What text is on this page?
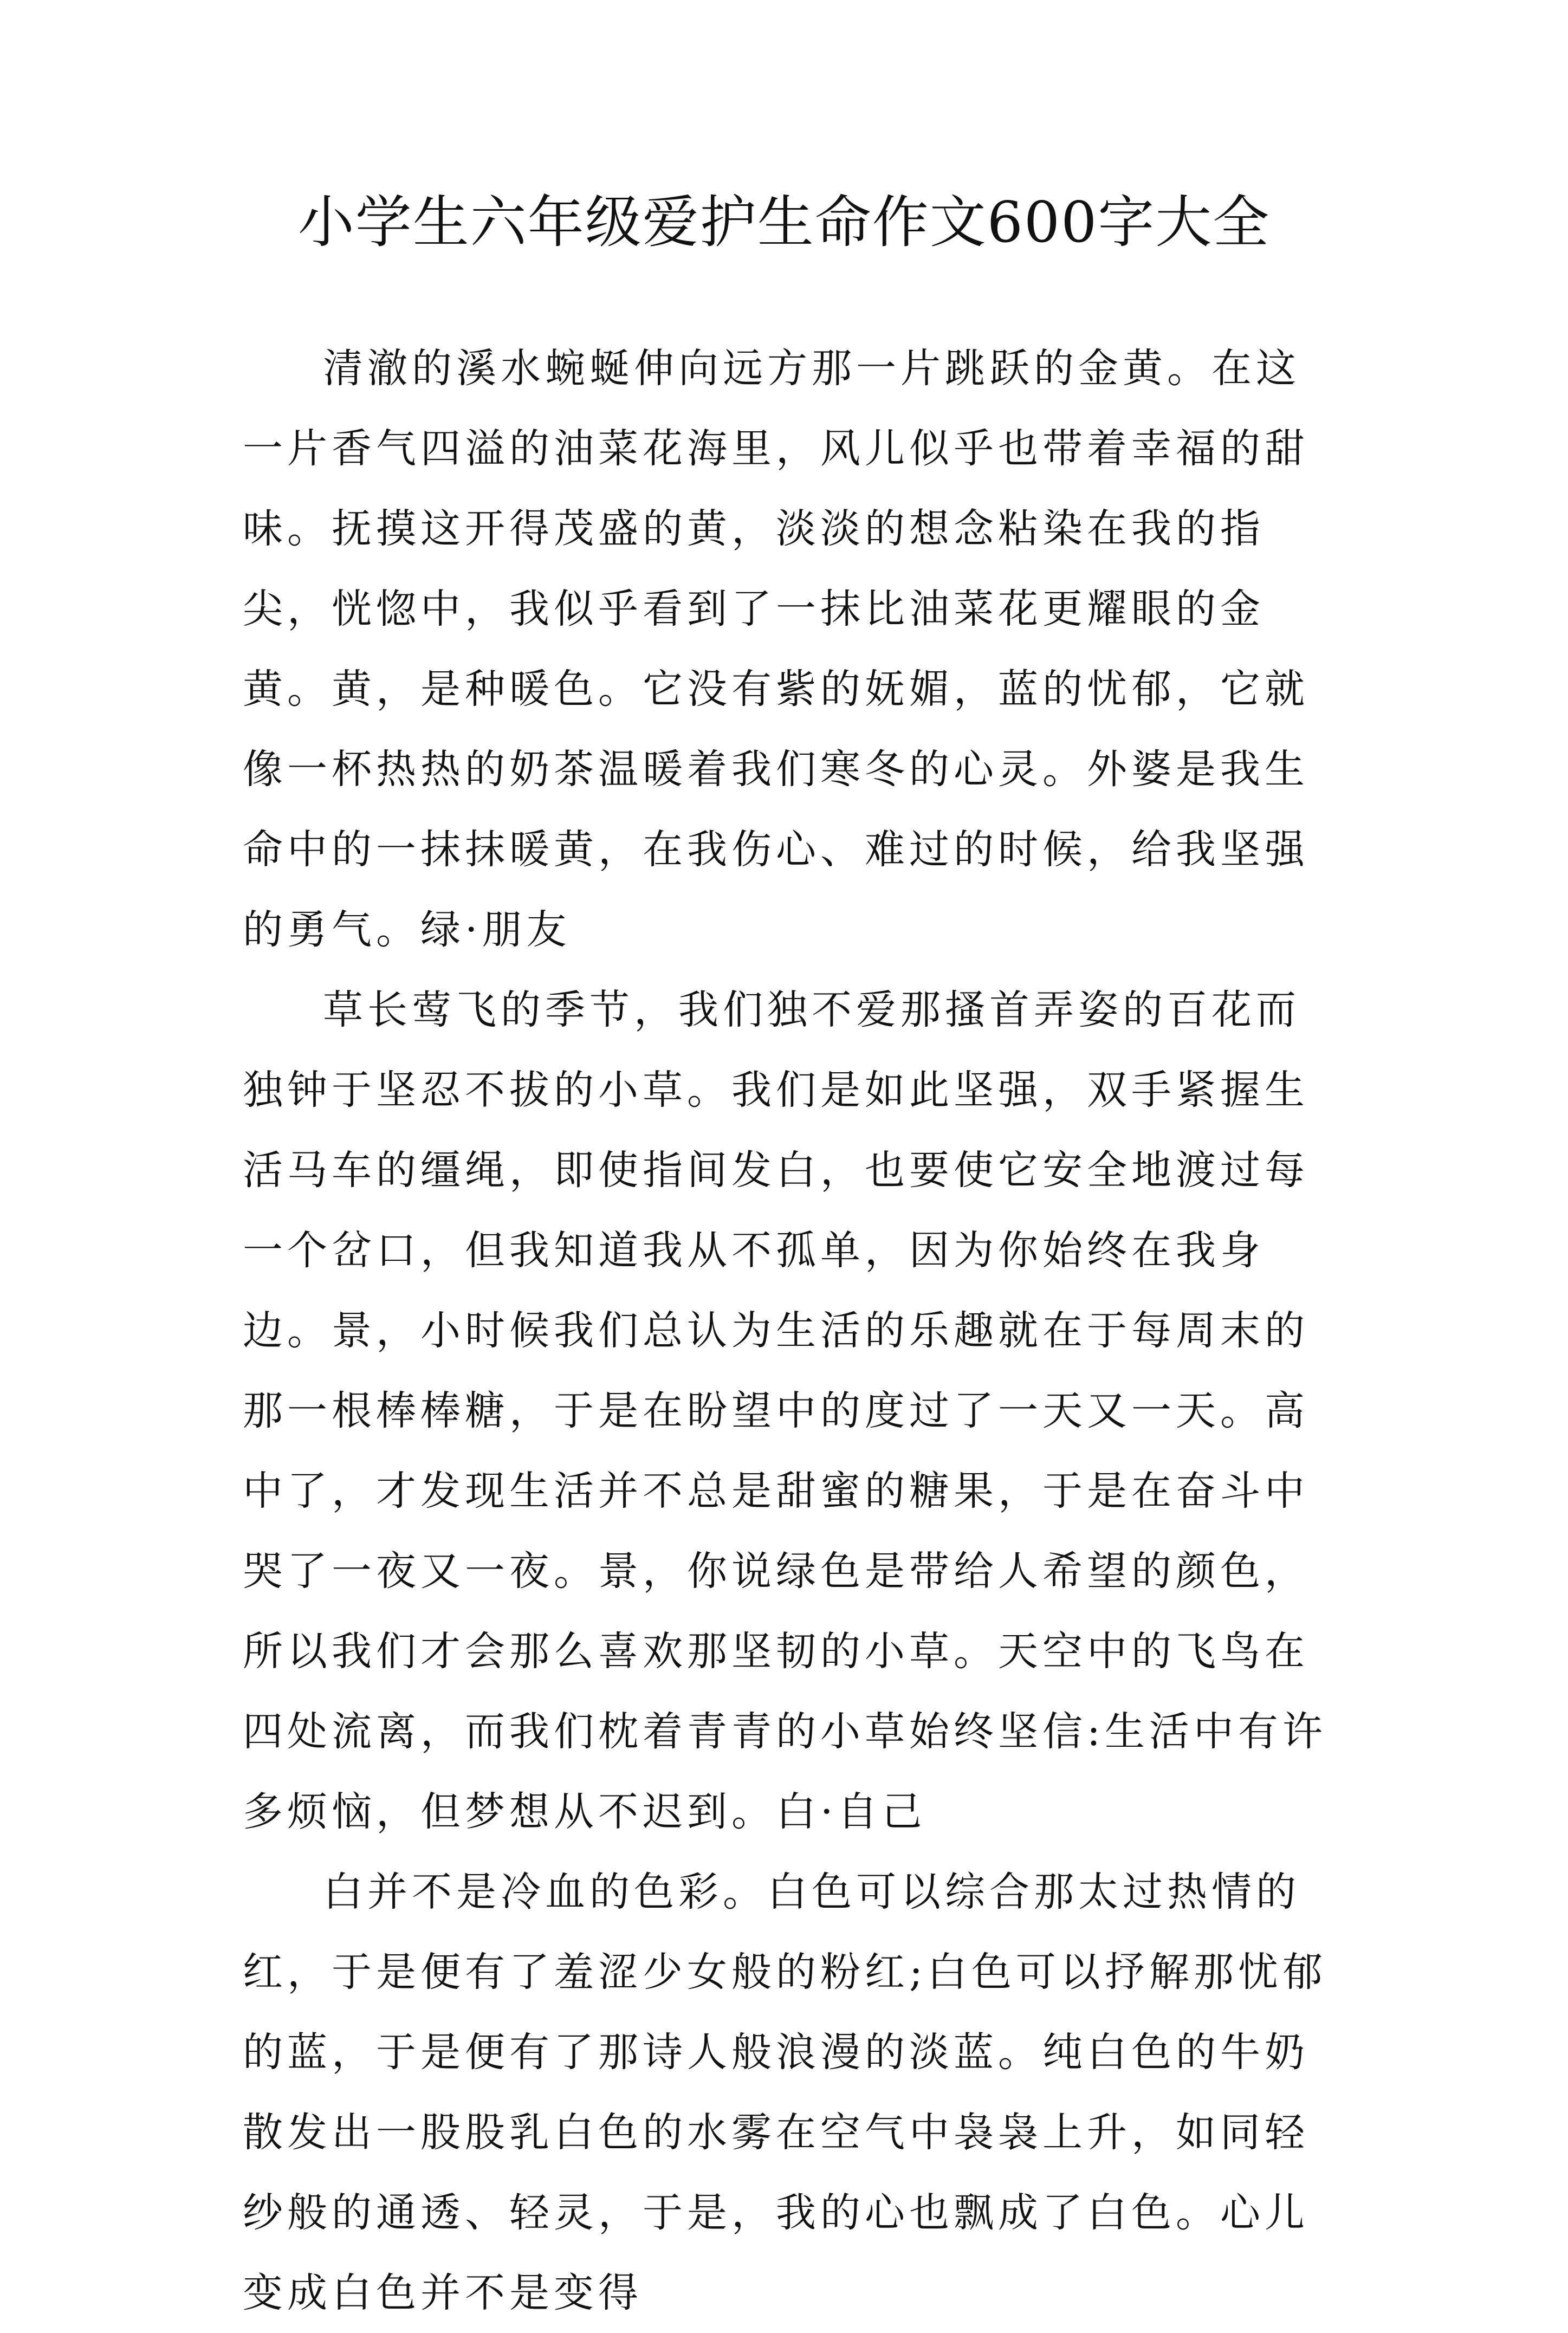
小学生六年级爱护生命作文600字大全

清澈的溪水蜿蜒伸向远方那一片跳跃的金黄。在这一片香气四溢的油菜花海里，风儿似乎也带着幸福的甜味。抚摸这开得茂盛的黄，淡淡的想念粘染在我的指尖，恍惚中，我似乎看到了一抹比油菜花更耀眼的金黄。黄，是种暖色。它没有紫的妩媚，蓝的忧郁，它就像一杯热热的奶茶温暖着我们寒冬的心灵。外婆是我生命中的一抹抹暖黄，在我伤心、难过的时候，给我坚强的勇气。绿·朋友

草长莺飞的季节，我们独不爱那搔首弄姿的百花而独钟于坚忍不拔的小草。我们是如此坚强，双手紧握生活马车的缰绳，即使指间发白，也要使它安全地渡过每一个岔口，但我知道我从不孤单，因为你始终在我身边。景，小时候我们总认为生活的乐趣就在于每周末的那一根棒棒糖，于是在盼望中的度过了一天又一天。高中了，才发现生活并不总是甜蜜的糖果，于是在奋斗中哭了一夜又一夜。景，你说绿色是带给人希望的颜色，所以我们才会那么喜欢那坚韧的小草。天空中的飞鸟在四处流离，而我们枕着青青的小草始终坚信:生活中有许多烦恼，但梦想从不迟到。白·自己

白并不是冷血的色彩。白色可以综合那太过热情的红，于是便有了羞涩少女般的粉红;白色可以抒解那忧郁的蓝，于是便有了那诗人般浪漫的淡蓝。纯白色的牛奶散发出一股股乳白色的水雾在空气中袅袅上升，如同轻纱般的通透、轻灵，于是，我的心也飘成了白色。心儿变成白色并不是变得
